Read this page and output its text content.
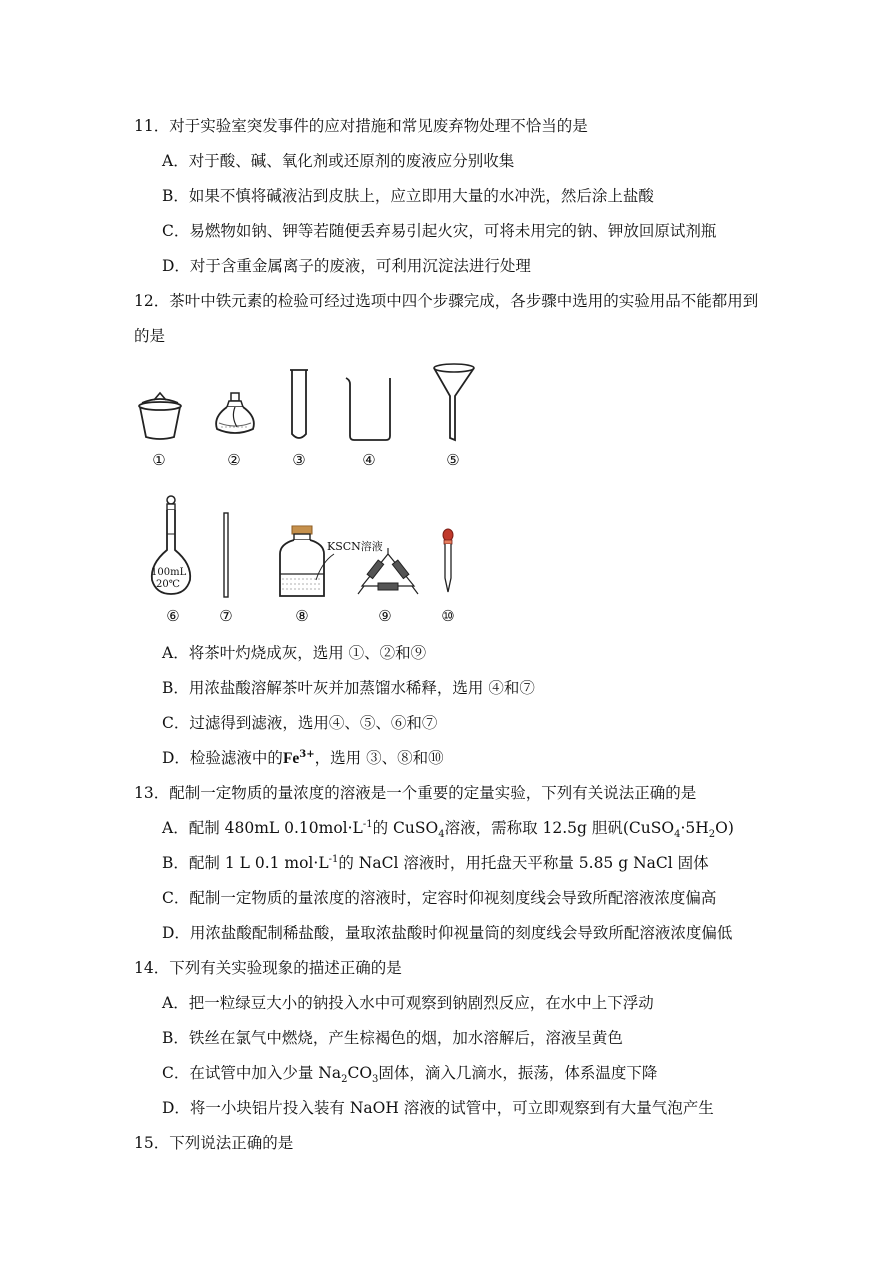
11．对于实验室突发事件的应对措施和常见废弃物处理不恰当的是
A．对于酸、碱、氧化剂或还原剂的废液应分别收集
B．如果不慎将碱液沾到皮肤上，应立即用大量的水冲洗，然后涂上盐酸
C．易燃物如钠、钾等若随便丢弃易引起火灾，可将未用完的钠、钾放回原试剂瓶
D．对于含重金属离子的废液，可利用沉淀法进行处理
12．茶叶中铁元素的检验可经过选项中四个步骤完成，各步骤中选用的实验用品不能都用到
的是
①	②	③	④	⑤
100mL
20℃
KSCN溶液
⑥	⑦	⑧	⑨	⑩
A．将茶叶灼烧成灰，选用 ①、②和⑨
B．用浓盐酸溶解茶叶灰并加蒸馏水稀释，选用 ④和⑦
C．过滤得到滤液，选用④、⑤、⑥和⑦
D．检验滤液中的$Fe^{3+}$，选用 ③、⑧和⑩
13．配制一定物质的量浓度的溶液是一个重要的定量实验，下列有关说法正确的是
A．配制 480mL $0.10mol\cdot L^{-1}$的 CuSO$_4$溶液，需称取 12.5g 胆矾$(CuSO_4\cdot 5H_2O)$
B．配制 1 L 0.1 $mol\cdot L^{-1}$的 NaCl 溶液时，用托盘天平称量 5.85 g NaCl 固体
C．配制一定物质的量浓度的溶液时，定容时仰视刻度线会导致所配溶液浓度偏高
D．用浓盐酸配制稀盐酸，量取浓盐酸时仰视量筒的刻度线会导致所配溶液浓度偏低
14．下列有关实验现象的描述正确的是
A．把一粒绿豆大小的钠投入水中可观察到钠剧烈反应，在水中上下浮动
B．铁丝在氯气中燃烧，产生棕褐色的烟，加水溶解后，溶液呈黄色
C．在试管中加入少量 $Na_2CO_3$固体，滴入几滴水，振荡，体系温度下降
D．将一小块铝片投入装有 NaOH 溶液的试管中，可立即观察到有大量气泡产生
15．下列说法正确的是
